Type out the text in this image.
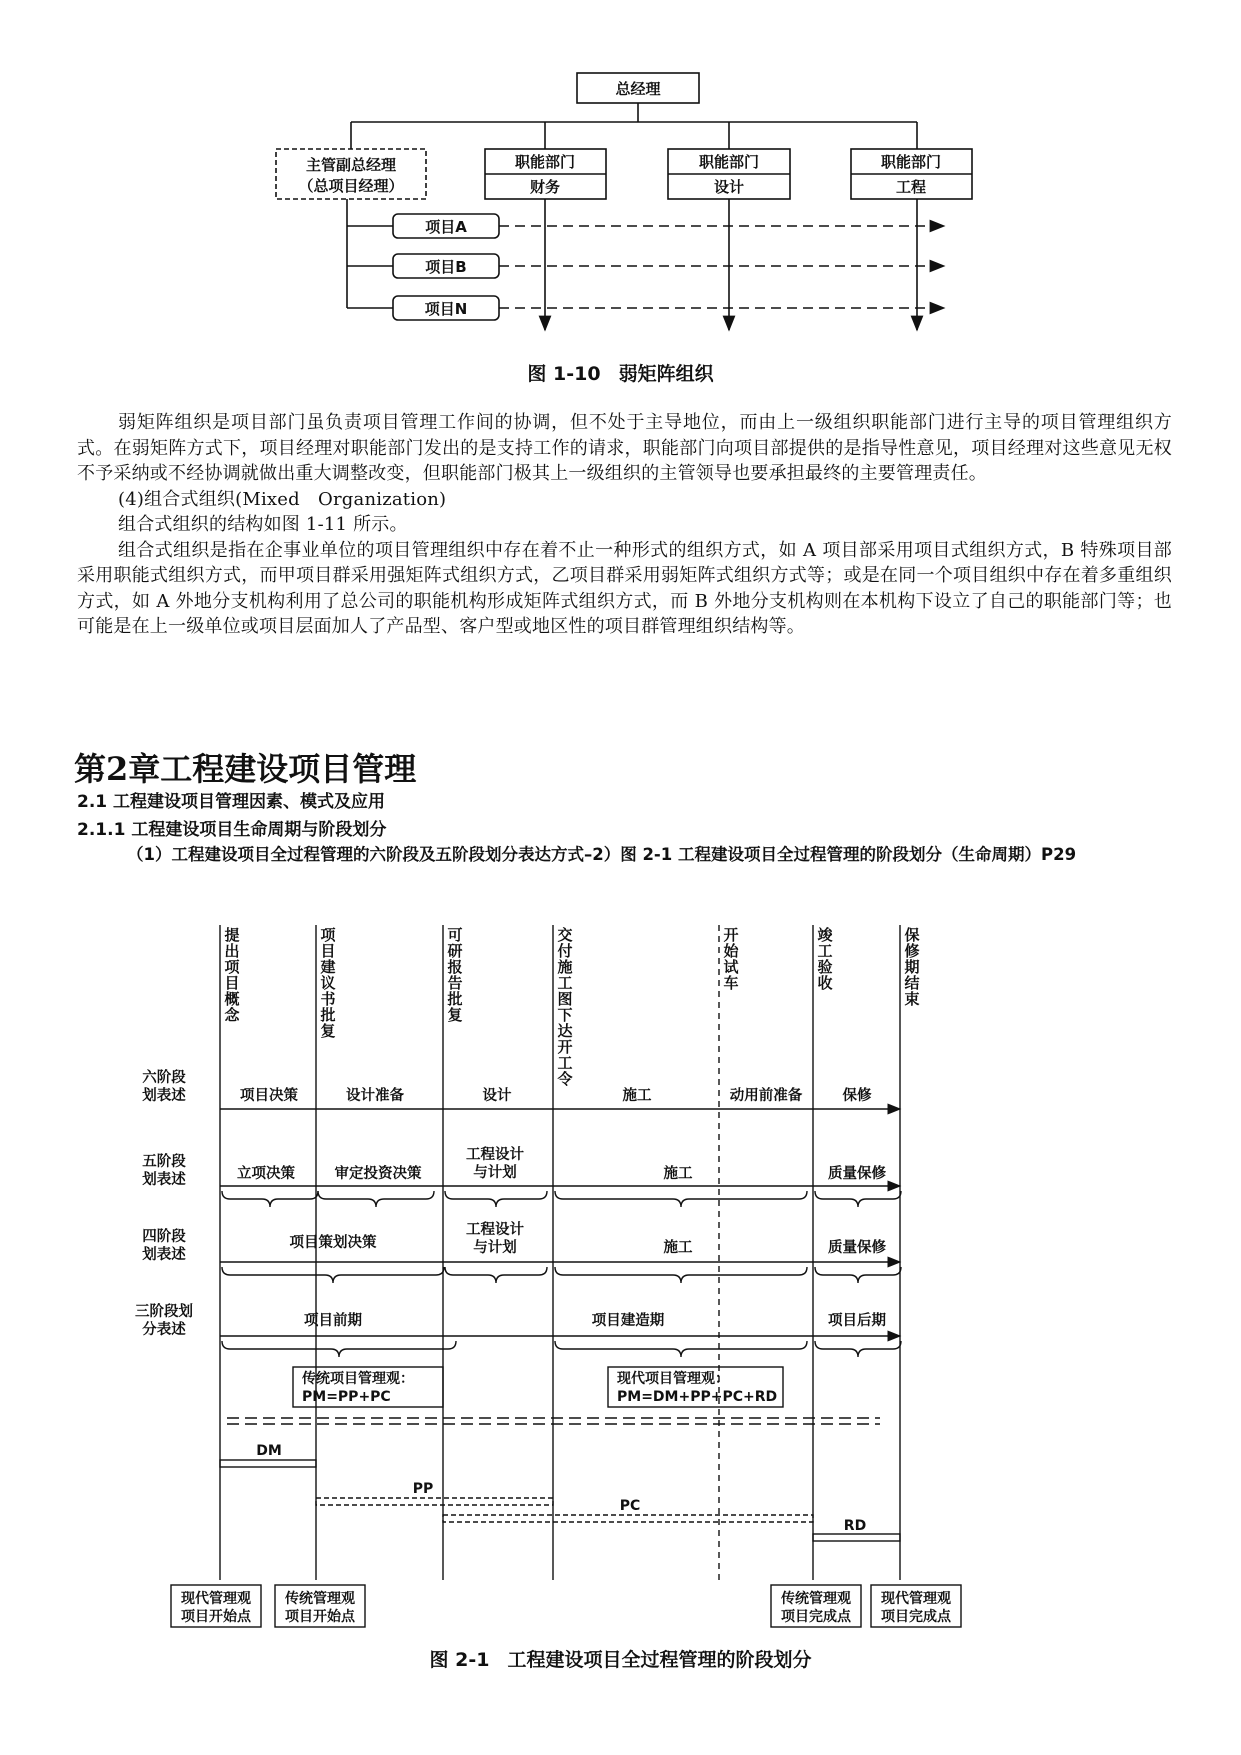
总经理
主管副总经理
（总项目经理）
职能部门
财务
职能部门
设计
职能部门
工程
项目A
项目B
项目N
图 1-10 弱矩阵组织

弱矩阵组织是项目部门虽负责项目管理工作间的协调，但不处于主导地位，而由上一级组织职能部门进行主导的项目管理组织方式。在弱矩阵方式下，项目经理对职能部门发出的是支持工作的请求，职能部门向项目部提供的是指导性意见，项目经理对这些意见无权不予采纳或不经协调就做出重大调整改变，但职能部门极其上一级组织的主管领导也要承担最终的主要管理责任。

(4)组合式组织(Mixed　Organization)

组合式组织的结构如图 1-11 所示。

组合式组织是指在企事业单位的项目管理组织中存在着不止一种形式的组织方式，如 A 项目部采用项目式组织方式，B 特殊项目部采用职能式组织方式，而甲项目群采用强矩阵式组织方式，乙项目群采用弱矩阵式组织方式等；或是在同一个项目组织中存在着多重组织方式，如 A 外地分支机构利用了总公司的职能机构形成矩阵式组织方式，而 B 外地分支机构则在本机构下设立了自己的职能部门等；也可能是在上一级单位或项目层面加人了产品型、客户型或地区性的项目群管理组织结构等。

第2章工程建设项目管理
2.1 工程建设项目管理因素、模式及应用
2.1.1 工程建设项目生命周期与阶段划分

（1）工程建设项目全过程管理的六阶段及五阶段划分表达方式–2）图 2-1 工程建设项目全过程管理的阶段划分（生命周期）P29

提出项目概念
项目建议书批复
可研报告批复
交付施工图下达开工令
开始试车
竣工验收
保修期结束
六阶段
划表述
五阶段
划表述
四阶段
划表述
三阶段划
分表述
项目决策	设计准备	设计	施工	动用前准备	保修
立项决策	审定投资决策
工程设计
与计划	施工	质量保修
项目策划决策
工程设计
与计划	施工	质量保修
项目前期	项目建造期	项目后期
传统项目管理观：
PM=PP+PC
现代项目管理观：
PM=DM+PP+PC+RD
DM
PP
PC
RD
现代管理观
项目开始点
传统管理观
项目开始点
传统管理观
项目完成点
现代管理观
项目完成点
图 2-1 工程建设项目全过程管理的阶段划分
